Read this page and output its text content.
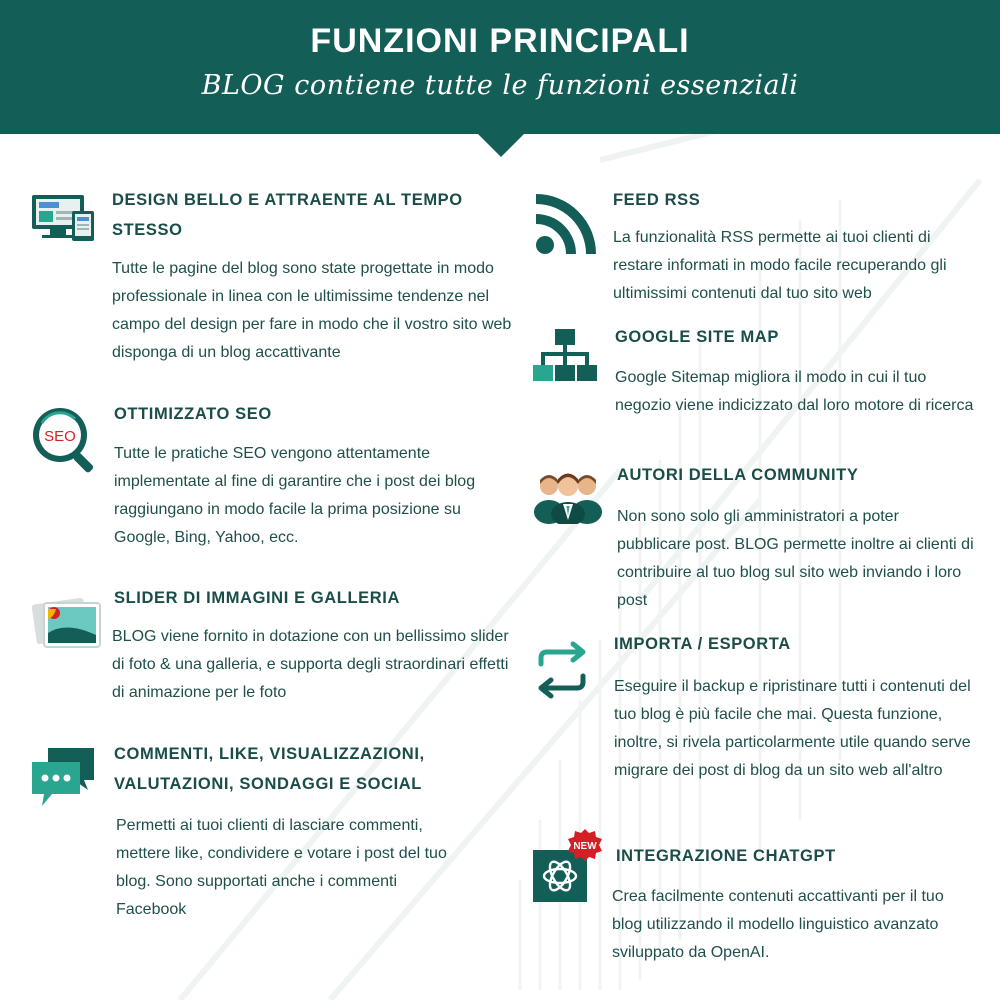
FUNZIONI PRINCIPALI
BLOG contiene tutte le funzioni essenziali
DESIGN BELLO E ATTRAENTE AL TEMPO STESSO
Tutte le pagine del blog sono state progettate in modo professionale in linea con le ultimissime tendenze nel campo del design per fare in modo che il vostro sito web disponga di un blog accattivante
SEO
OTTIMIZZATO SEO
Tutte le pratiche SEO vengono attentamente implementate al fine di garantire che i post dei blog raggiungano in modo facile la prima posizione su Google, Bing, Yahoo, ecc.
SLIDER DI IMMAGINI E GALLERIA
BLOG viene fornito in dotazione con un bellissimo slider di foto & una galleria, e supporta degli straordinari effetti di animazione per le foto
COMMENTI, LIKE, VISUALIZZAZIONI, VALUTAZIONI, SONDAGGI E SOCIAL
Permetti ai tuoi clienti di lasciare commenti, mettere like, condividere e votare i post del tuo blog. Sono supportati anche i commenti Facebook
FEED RSS
La funzionalità RSS permette ai tuoi clienti di restare informati in modo facile recuperando gli ultimissimi contenuti dal tuo sito web
GOOGLE SITE MAP
Google Sitemap migliora il modo in cui il tuo negozio viene indicizzato dal loro motore di ricerca
AUTORI DELLA COMMUNITY
Non sono solo gli amministratori a poter pubblicare post. BLOG permette inoltre ai clienti di contribuire al tuo blog sul sito web inviando i loro post
IMPORTA / ESPORTA
Eseguire il backup e ripristinare tutti i contenuti del tuo blog è più facile che mai. Questa funzione, inoltre, si rivela particolarmente utile quando serve migrare dei post di blog da un sito web all'altro
NEW
INTEGRAZIONE CHATGPT
Crea facilmente contenuti accattivanti per il tuo blog utilizzando il modello linguistico avanzato sviluppato da OpenAI.
